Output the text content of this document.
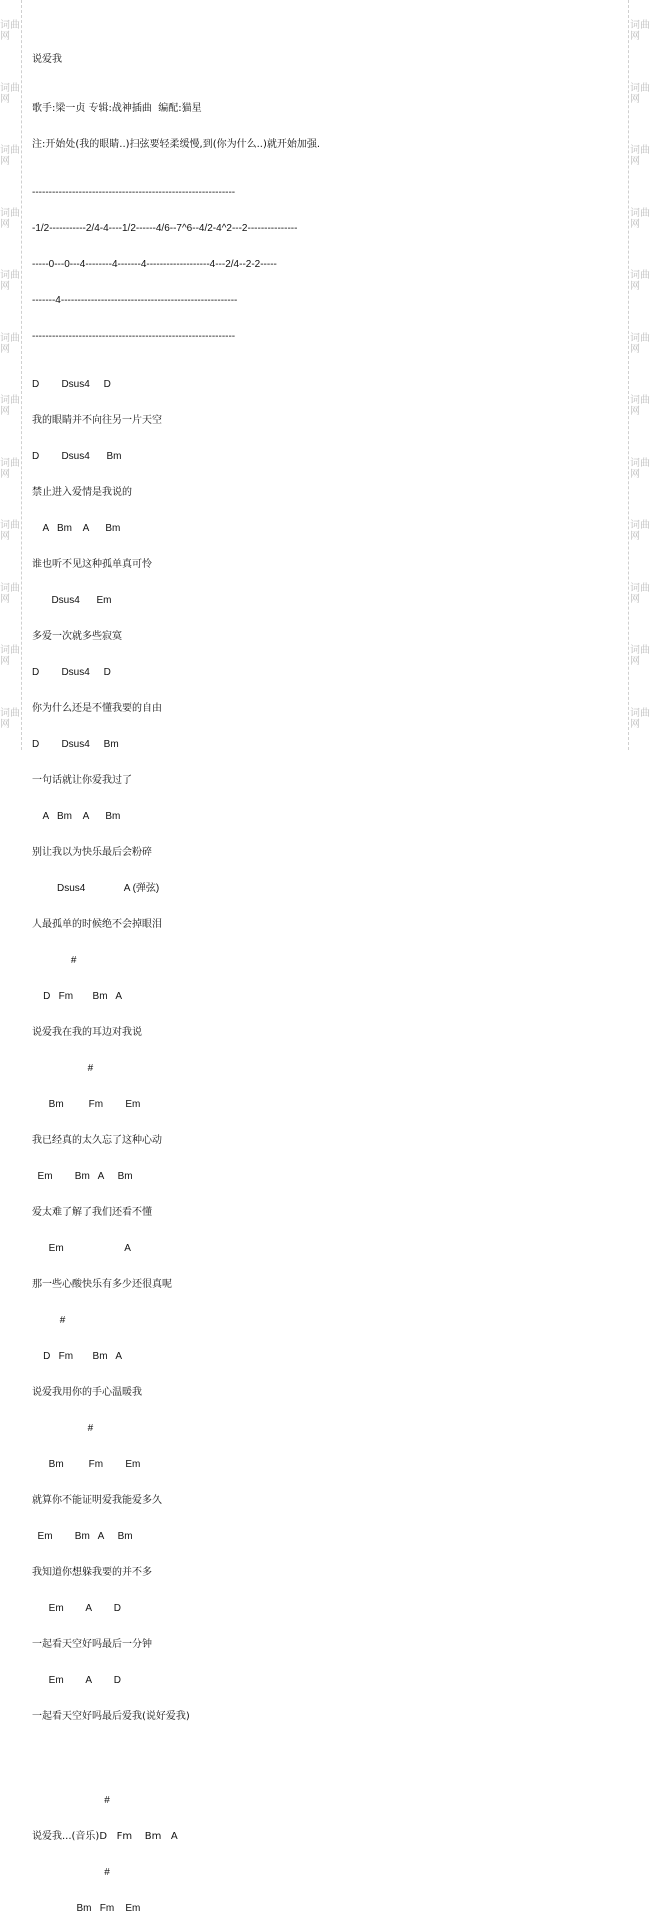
词曲网
词曲网
词曲网
词曲网
词曲网
词曲网
词曲网
词曲网
词曲网
词曲网
词曲网
词曲网
词曲网
词曲网
词曲网
词曲网
词曲网
词曲网
词曲网
词曲网
词曲网
词曲网
词曲网
词曲网

说爱我

歌手:梁一贞 专辑:战神插曲  编配:猫星

注:开始处(我的眼睛..)扫弦要轻柔缓慢,到(你为什么..)就开始加强.

-------------------------------------------------------------

-1/2-----------2/4-4----1/2------4/6--7^6--4/2-4^2---2---------------

-----0---0---4--------4-------4-------------------4---2/4--2-2-----

-------4-----------------------------------------------------

-------------------------------------------------------------

D        Dsus4     D

我的眼睛并不向往另一片天空

D        Dsus4      Bm

禁止进入爱情是我说的

A   Bm    A      Bm

谁也听不见这种孤单真可怜

Dsus4      Em

多爱一次就多些寂寞

D        Dsus4     D

你为什么还是不懂我要的自由

D        Dsus4     Bm

一句话就让你爱我过了

A   Bm    A      Bm

别让我以为快乐最后会粉碎

Dsus4              A (弹弦)

人最孤单的时候绝不会掉眼泪

#

D   Fm       Bm   A

说爱我在我的耳边对我说

#

Bm         Fm        Em

我已经真的太久忘了这种心动

Em        Bm   A     Bm

爱太难了解了我们还看不懂

Em                      A

那一些心酸快乐有多少还很真呢

#

D   Fm       Bm   A

说爱我用你的手心温暖我

#

Bm         Fm        Em

就算你不能证明爱我能爱多久

Em        Bm   A     Bm

我知道你想躲我要的并不多

Em        A        D

一起看天空好吗最后一分钟

Em        A        D

一起看天空好吗最后爱我(说好爱我)

#

说爱我...(音乐)D   Fm    Bm   A

#

Bm   Fm    Em
